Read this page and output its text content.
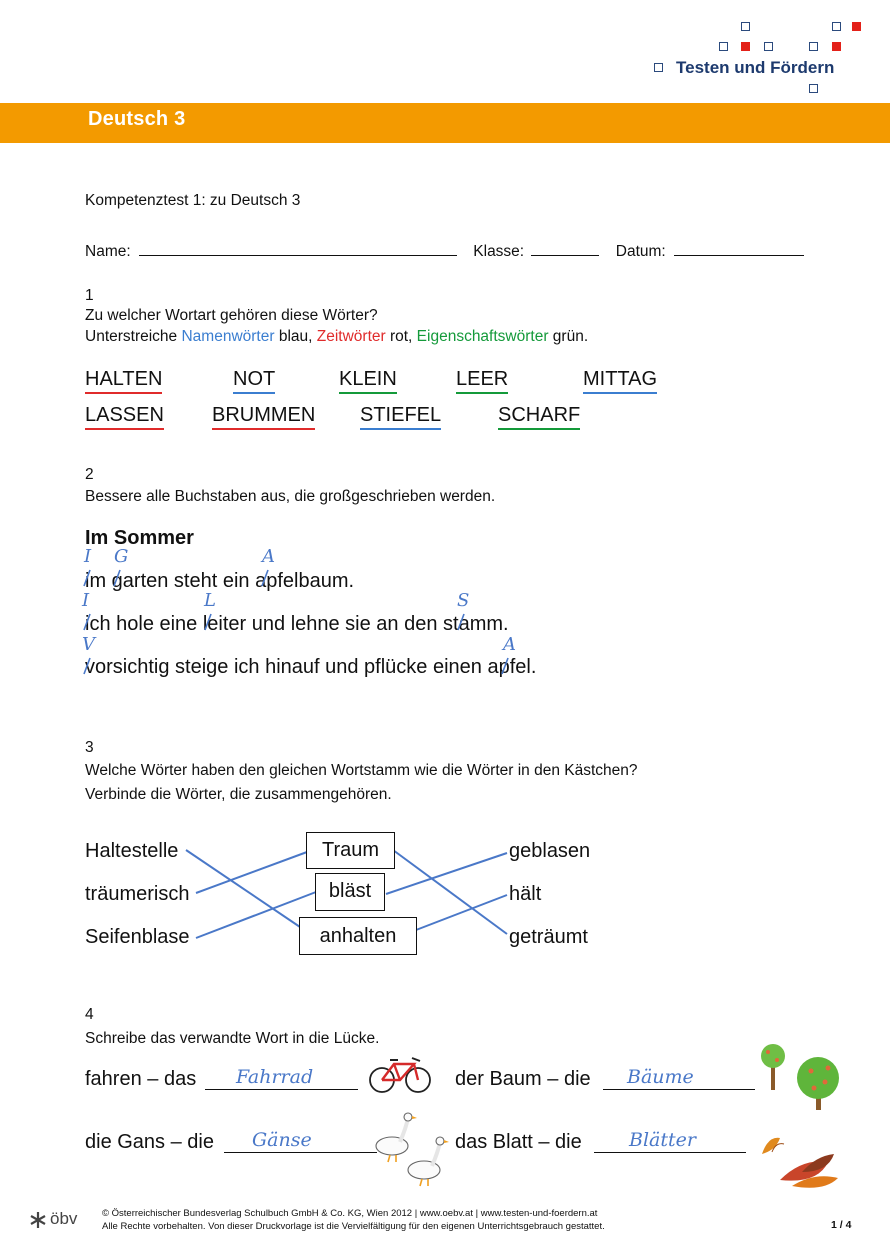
Testen und Fördern
Deutsch 3
Kompetenztest 1: zu Deutsch 3
Name:	Klasse:	Datum:
1
Zu welcher Wortart gehören diese Wörter?
Unterstreiche Namenwörter blau, Zeitwörter rot, Eigenschaftswörter grün.
HALTEN	NOT	KLEIN	LEER	MITTAG
LASSEN BRUMMEN STIEFEL	SCHARF
2
Bessere alle Buchstaben aus, die großgeschrieben werden.
Im Sommer
im garten steht ein apfelbaum.
ich hole eine leiter und lehne sie an den stamm.
vorsichtig steige ich hinauf und pflücke einen apfel.
I G	A
I	L	S
V	A
3
Welche Wörter haben den gleichen Wortstamm wie die Wörter in den Kästchen?
Verbinde die Wörter, die zusammengehören.
Haltestelle
träumerisch
Seifenblase
Traum
bläst
anhalten
geblasen
hält
geträumt
4
Schreibe das verwandte Wort in die Lücke.
fahren – das Fahrrad	der Baum – die Bäume
die Gans – die Gänse	das Blatt – die Blätter
öbv	© Österreichischer Bundesverlag Schulbuch GmbH & Co. KG, Wien 2012 | www.oebv.at | www.testen-und-foerdern.at
Alle Rechte vorbehalten. Von dieser Druckvorlage ist die Vervielfältigung für den eigenen Unterrichtsgebrauch gestattet.	1 / 4
